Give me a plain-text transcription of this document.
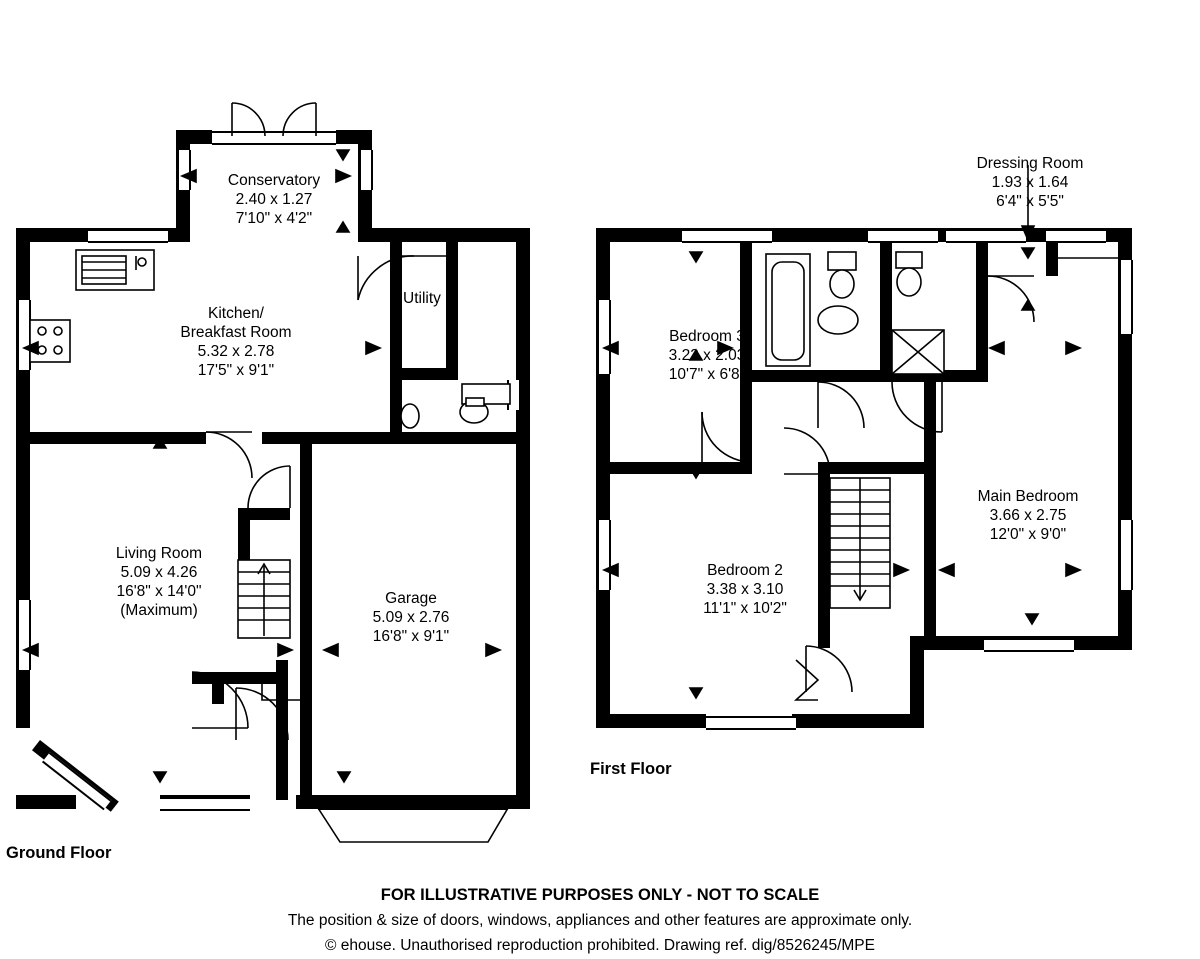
Conservatory
2.40 x 1.27
7'10" x 4'2"
Kitchen/
Breakfast Room
5.32 x 2.78
17'5" x 9'1"
Utility
Living Room
5.09 x 4.26
16'8" x 14'0"
(Maximum)
Garage
5.09 x 2.76
16'8" x 9'1"
Ground Floor
Dressing Room
1.93 x 1.64
6'4" x 5'5"
Bedroom 3
3.23 x 2.03
10'7" x 6'8"
Main Bedroom
3.66 x 2.75
12'0" x 9'0"
Bedroom 2
3.38 x 3.10
11'1" x 10'2"
First Floor
FOR ILLUSTRATIVE PURPOSES ONLY - NOT TO SCALE
The position & size of doors, windows, appliances and other features are approximate only.
© ehouse. Unauthorised reproduction prohibited. Drawing ref. dig/8526245/MPE
